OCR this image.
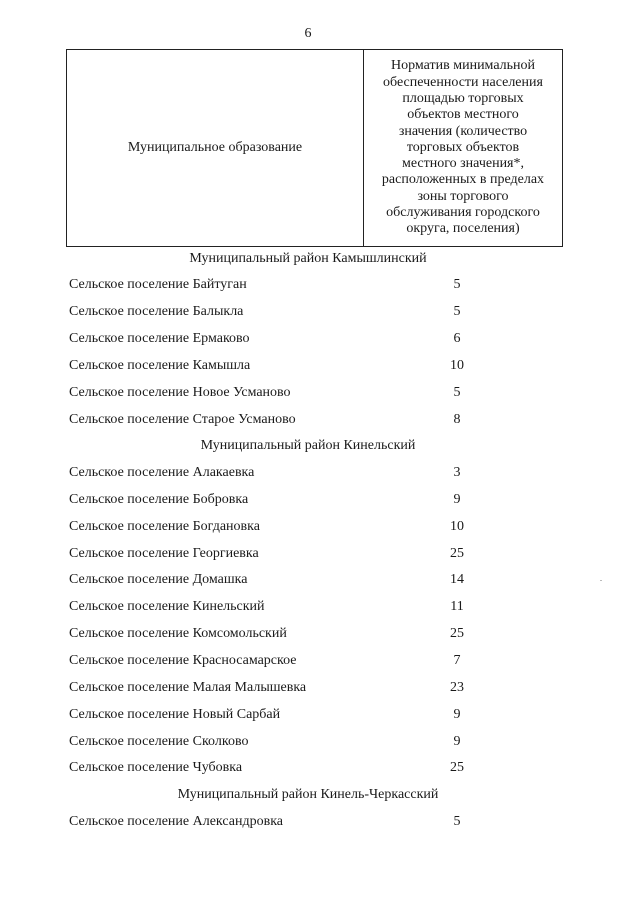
6
Муниципальное образование	Норматив минимальной
обеспеченности населения
площадью торговых
объектов местного
значения (количество
торговых объектов
местного значения*,
расположенных в пределах
зоны торгового
обслуживания городского
округа, поселения)
Муниципальный район Камышлинский
Сельское поселение Байтуган	5
Сельское поселение Балыкла	5
Сельское поселение Ермаково	6
Сельское поселение Камышла	10
Сельское поселение Новое Усманово	5
Сельское поселение Старое Усманово	8
Муниципальный район Кинельский
Сельское поселение Алакаевка	3
Сельское поселение Бобровка	9
Сельское поселение Богдановка	10
Сельское поселение Георгиевка	25
Сельское поселение Домашка	14
Сельское поселение Кинельский	11
Сельское поселение Комсомольский	25
Сельское поселение Красносамарское	7
Сельское поселение Малая Малышевка	23
Сельское поселение Новый Сарбай	9
Сельское поселение Сколково	9
Сельское поселение Чубовка	25
Муниципальный район Кинель-Черкасский
Сельское поселение Александровка	5
